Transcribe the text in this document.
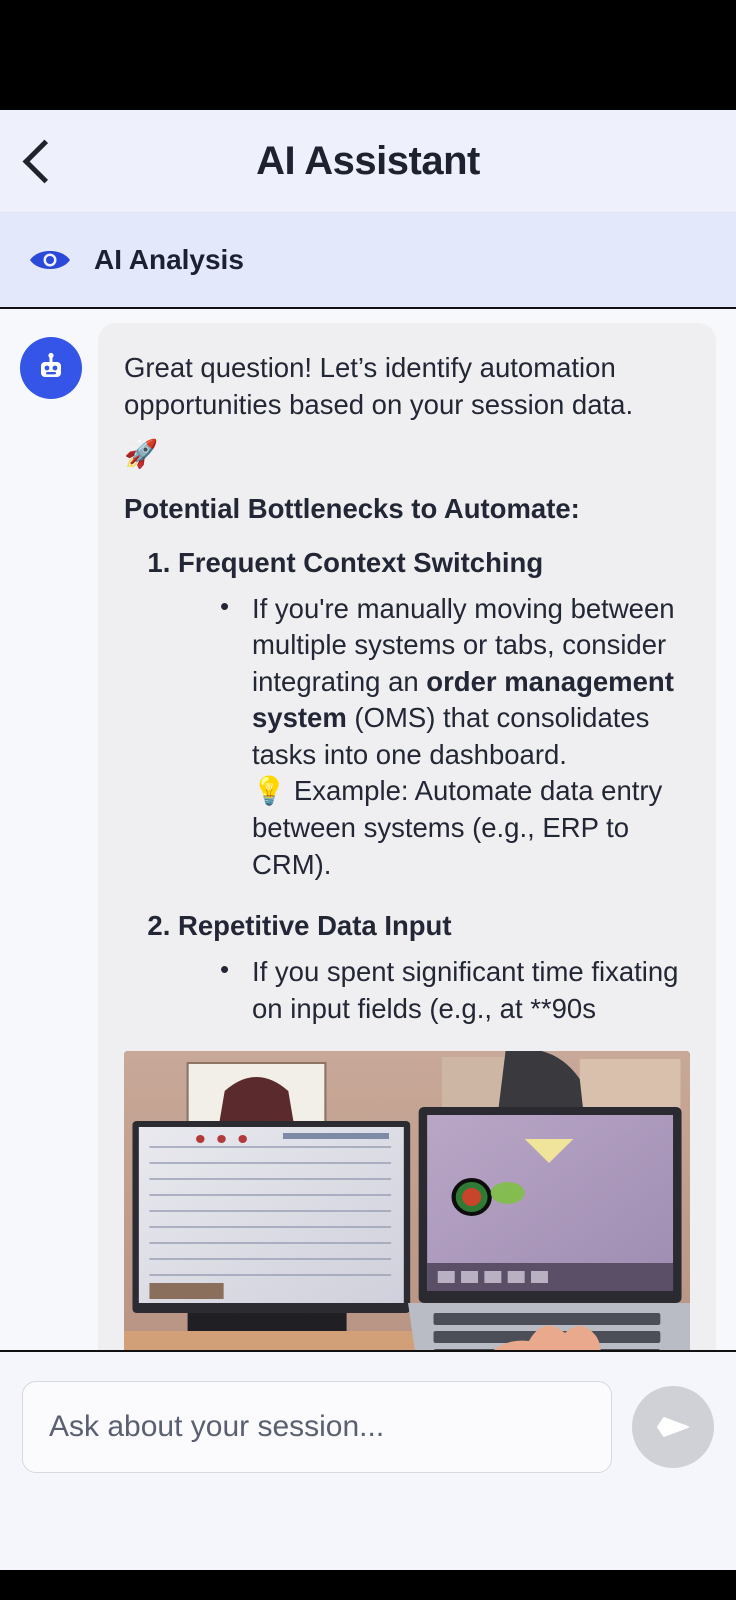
AI Assistant
AI Analysis

Great question! Let’s identify automation opportunities based on your session data.

🚀

Potential Bottlenecks to Automate:

1. Frequent Context Switching
• If you're manually moving between multiple systems or tabs, consider integrating an order management system (OMS) that consolidates tasks into one dashboard.
💡 Example: Automate data entry between systems (e.g., ERP to CRM).
2. Repetitive Data Input
• If you spent significant time fixating on input fields (e.g., at **90s
Ask about your session...
